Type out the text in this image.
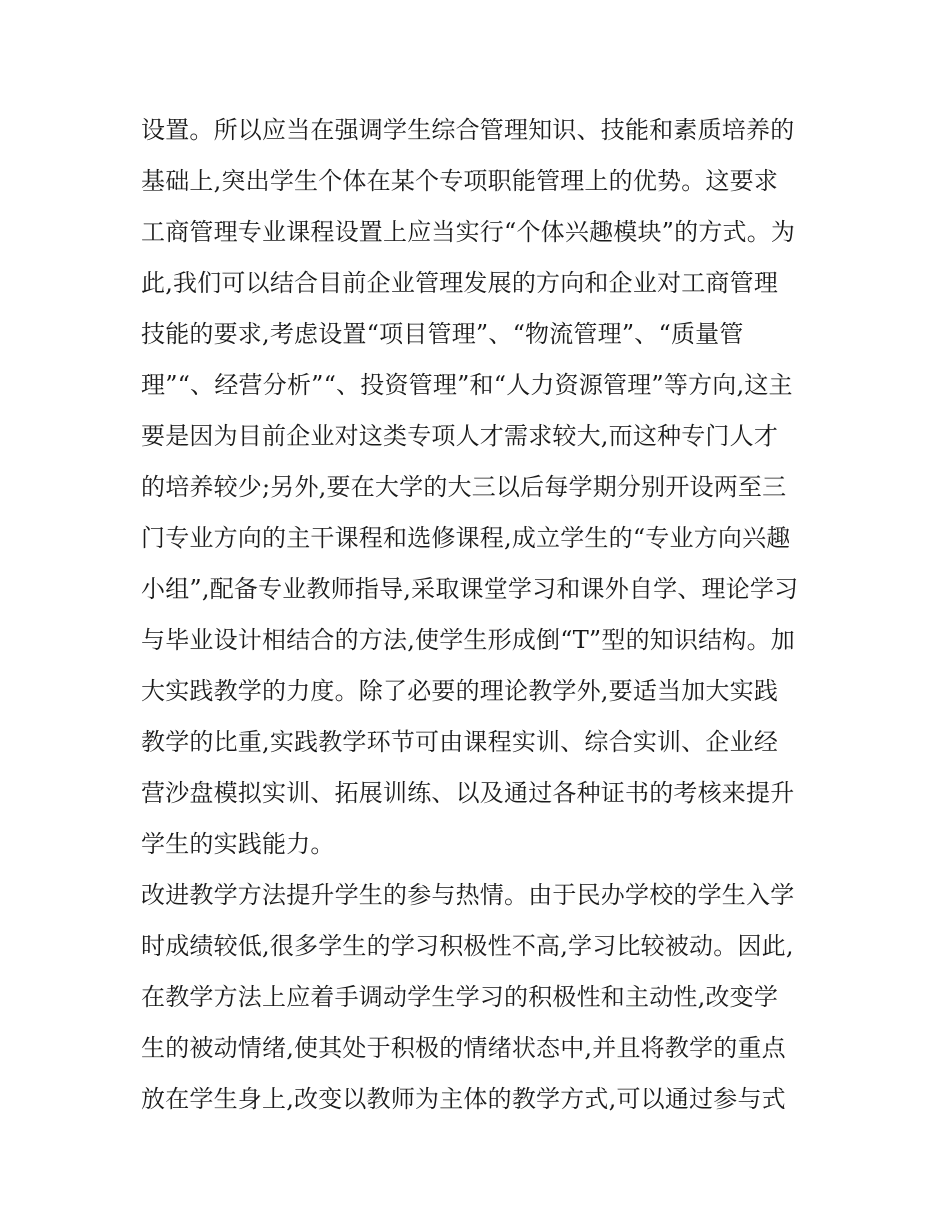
设置。所以应当在强调学生综合管理知识、技能和素质培养的
基础上,突出学生个体在某个专项职能管理上的优势。这要求
工商管理专业课程设置上应当实行“个体兴趣模块”的方式。为
此,我们可以结合目前企业管理发展的方向和企业对工商管理
技能的要求,考虑设置“项目管理”、“物流管理”、“质量管
理”“、经营分析”“、投资管理”和“人力资源管理”等方向,这主
要是因为目前企业对这类专项人才需求较大,而这种专门人才
的培养较少;另外,要在大学的大三以后每学期分别开设两至三
门专业方向的主干课程和选修课程,成立学生的“专业方向兴趣
小组”,配备专业教师指导,采取课堂学习和课外自学、理论学习
与毕业设计相结合的方法,使学生形成倒“T”型的知识结构。加
大实践教学的力度。除了必要的理论教学外,要适当加大实践
教学的比重,实践教学环节可由课程实训、综合实训、企业经
营沙盘模拟实训、拓展训练、以及通过各种证书的考核来提升
学生的实践能力。
改进教学方法提升学生的参与热情。由于民办学校的学生入学
时成绩较低,很多学生的学习积极性不高,学习比较被动。因此,
在教学方法上应着手调动学生学习的积极性和主动性,改变学
生的被动情绪,使其处于积极的情绪状态中,并且将教学的重点
放在学生身上,改变以教师为主体的教学方式,可以通过参与式
